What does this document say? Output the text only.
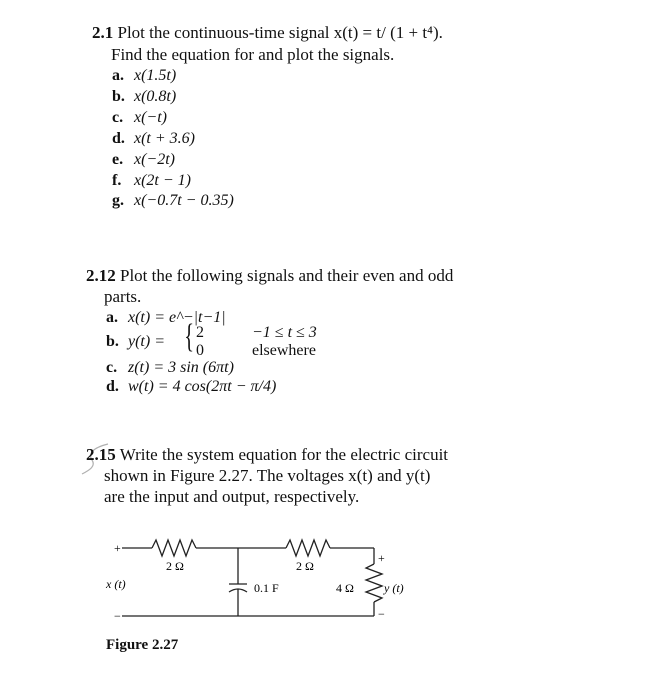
2.1 Plot the continuous-time signal x(t) = t/ (1 + t⁴).
Find the equation for and plot the signals.
a. x(1.5t)
b. x(0.8t)
c. x(−t)
d. x(t + 3.6)
e. x(−2t)
f. x(2t − 1)
g. x(−0.7t − 0.35)
2.12 Plot the following signals and their even and odd
parts.
a. x(t) = e^−|t−1|
b. y(t) = { 2
0
−1 ≤ t ≤ 3
elsewhere
c. z(t) = 3 sin (6πt)
d. w(t) = 4 cos(2πt − π/4)
2.15 Write the system equation for the electric circuit
shown in Figure 2.27. The voltages x(t) and y(t)
are the input and output, respectively.
+
x (t)
−
2 Ω	2 Ω
0.1 F	4 Ω	y (t)
+
−
Figure 2.27
